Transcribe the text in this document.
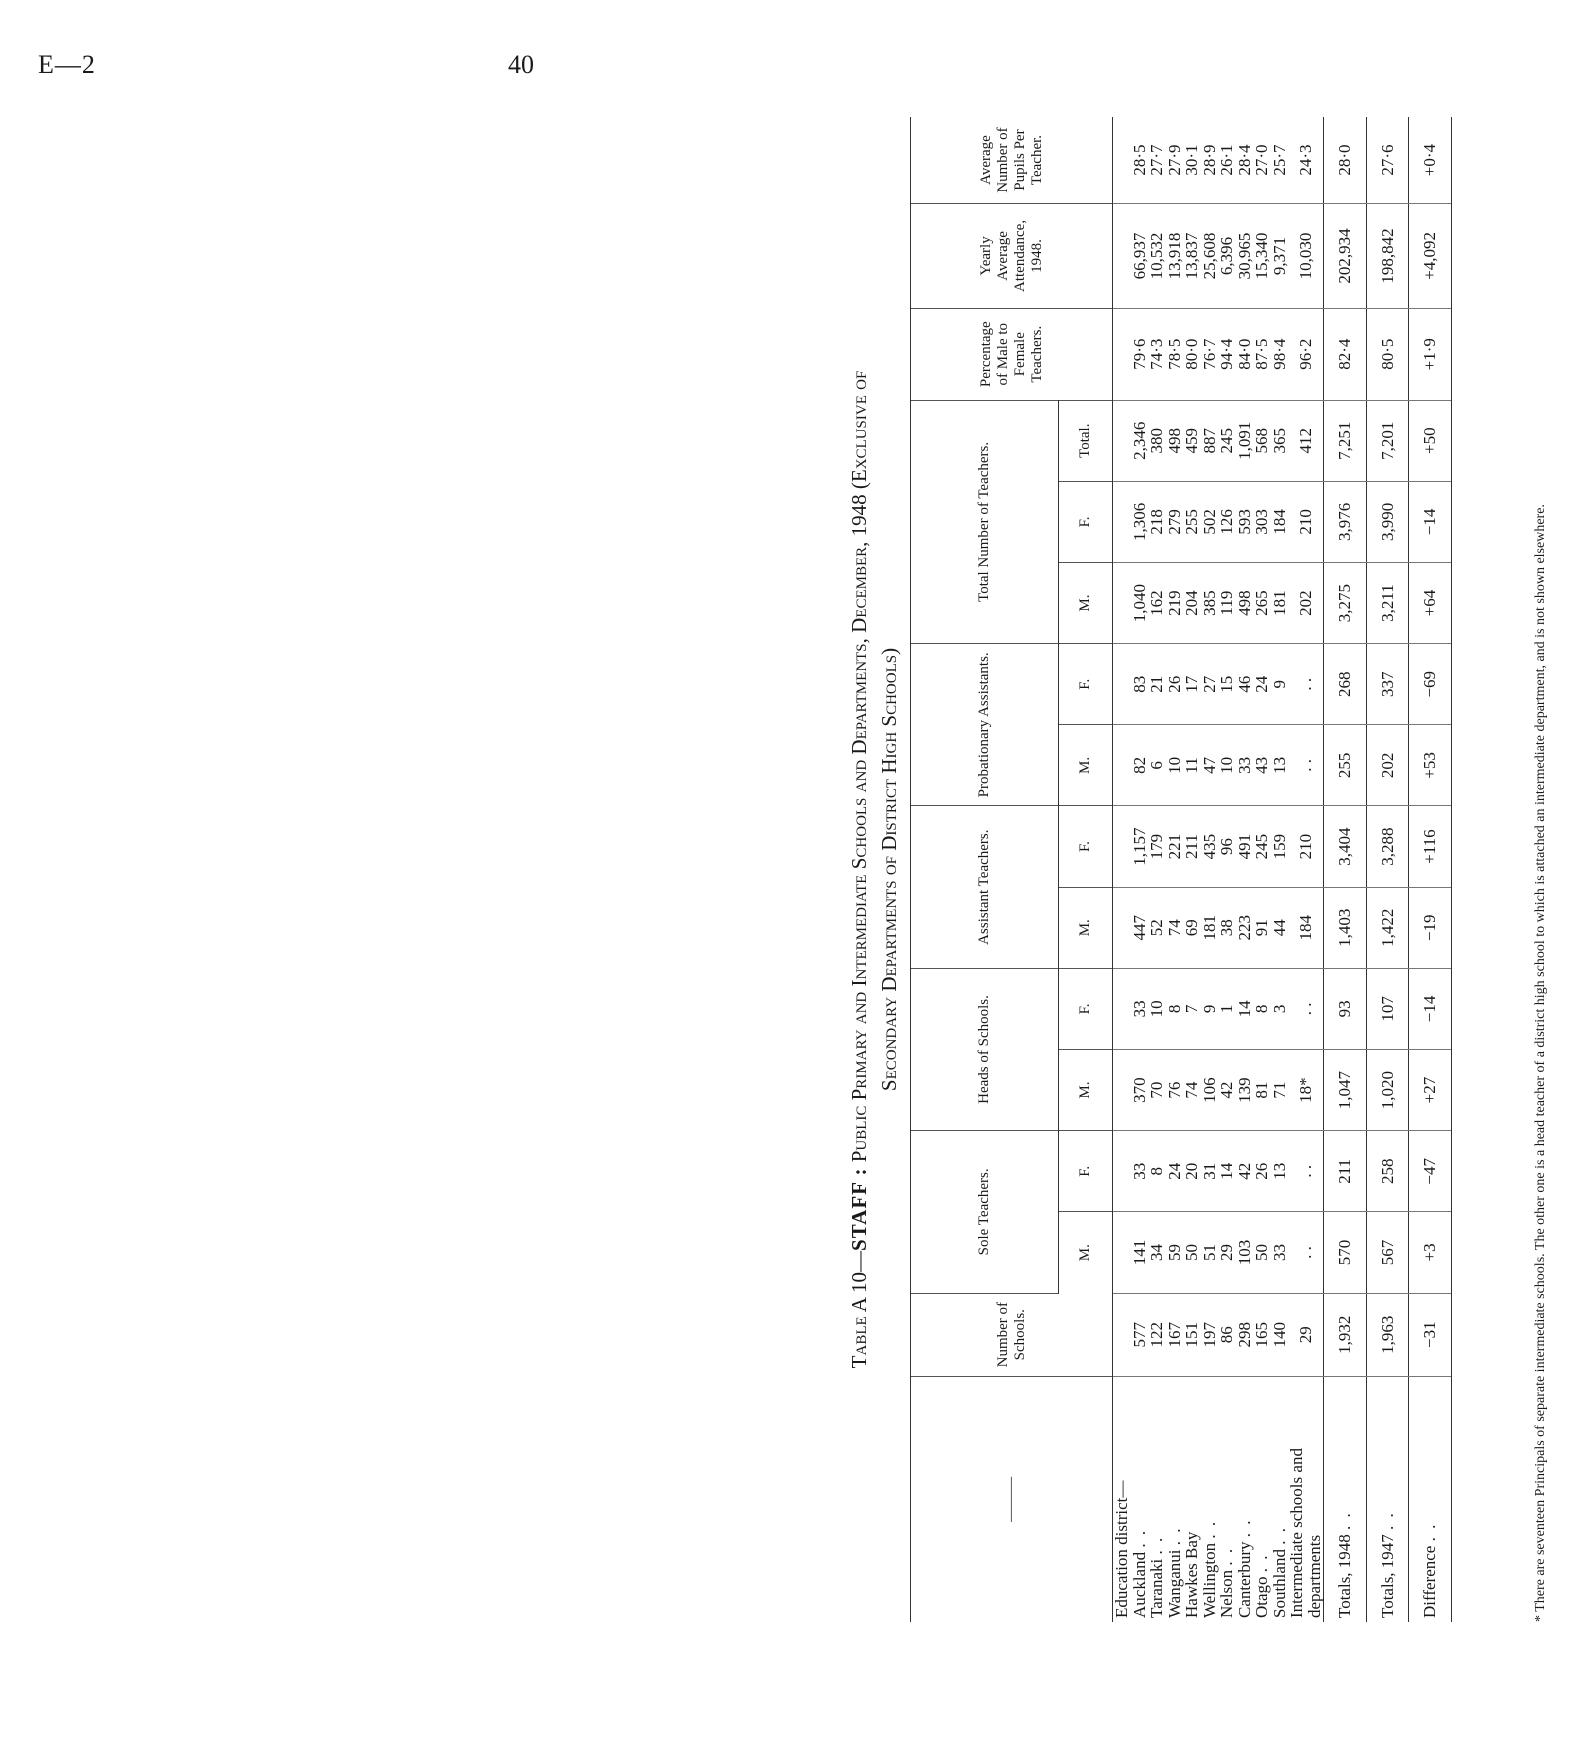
E—2	40
Table A 10—STAFF : Public Primary and Intermediate Schools and Departments, December, 1948 (Exclusive of Secondary Departments of District High Schools)
———	Number of Schools.	Sole Teachers.		Heads of Schools.		Assistant Teachers.		Probationary Assistants.		Total Number of Teachers.			Percentage of Male to Female Teachers.	Yearly Average Attendance, 1948.	Average Number of Pupils Per Teacher.
		M.	F.	M.	F.	M.	F.	M.	F.	M.	F.	Total.			
Education district—															
Auckland . .	577	141	33	370	33	447	1,157	82	83	1,040	1,306	2,346	79·6	66,937	28·5
Taranaki . .	122	34	8	70	10	52	179	6	21	162	218	380	74·3	10,532	27·7
Wanganui . .	167	59	24	76	8	74	221	10	26	219	279	498	78·5	13,918	27·9
Hawkes Bay	151	50	20	74	7	69	211	11	17	204	255	459	80·0	13,837	30·1
Wellington . .	197	51	31	106	9	181	435	47	27	385	502	887	76·7	25,608	28·9
Nelson . .	86	29	14	42	1	38	96	10	15	119	126	245	94·4	6,396	26·1
Canterbury . .	298	103	42	139	14	223	491	33	46	498	593	1,091	84·0	30,965	28·4
Otago . .	165	50	26	81	8	91	245	43	24	265	303	568	87·5	15,340	27·0
Southland . .	140	33	13	71	3	44	159	13	9	181	184	365	98·4	9,371	25·7
Intermediate schools and departments	29	. .	. .	18*	. .	184	210	. .	. .	202	210	412	96·2	10,030	24·3
Totals, 1948 . .	1,932	570	211	1,047	93	1,403	3,404	255	268	3,275	3,976	7,251	82·4	202,934	28·0
Totals, 1947 . .	1,963	567	258	1,020	107	1,422	3,288	202	337	3,211	3,990	7,201	80·5	198,842	27·6
Difference . .	−31	+3	−47	+27	−14	−19	+116	+53	−69	+64	−14	+50	+1·9	+4,092	+0·4
* There are seventeen Principals of separate intermediate schools. The other one is a head teacher of a district high school to which is attached an intermediate department, and is not shown elsewhere.
